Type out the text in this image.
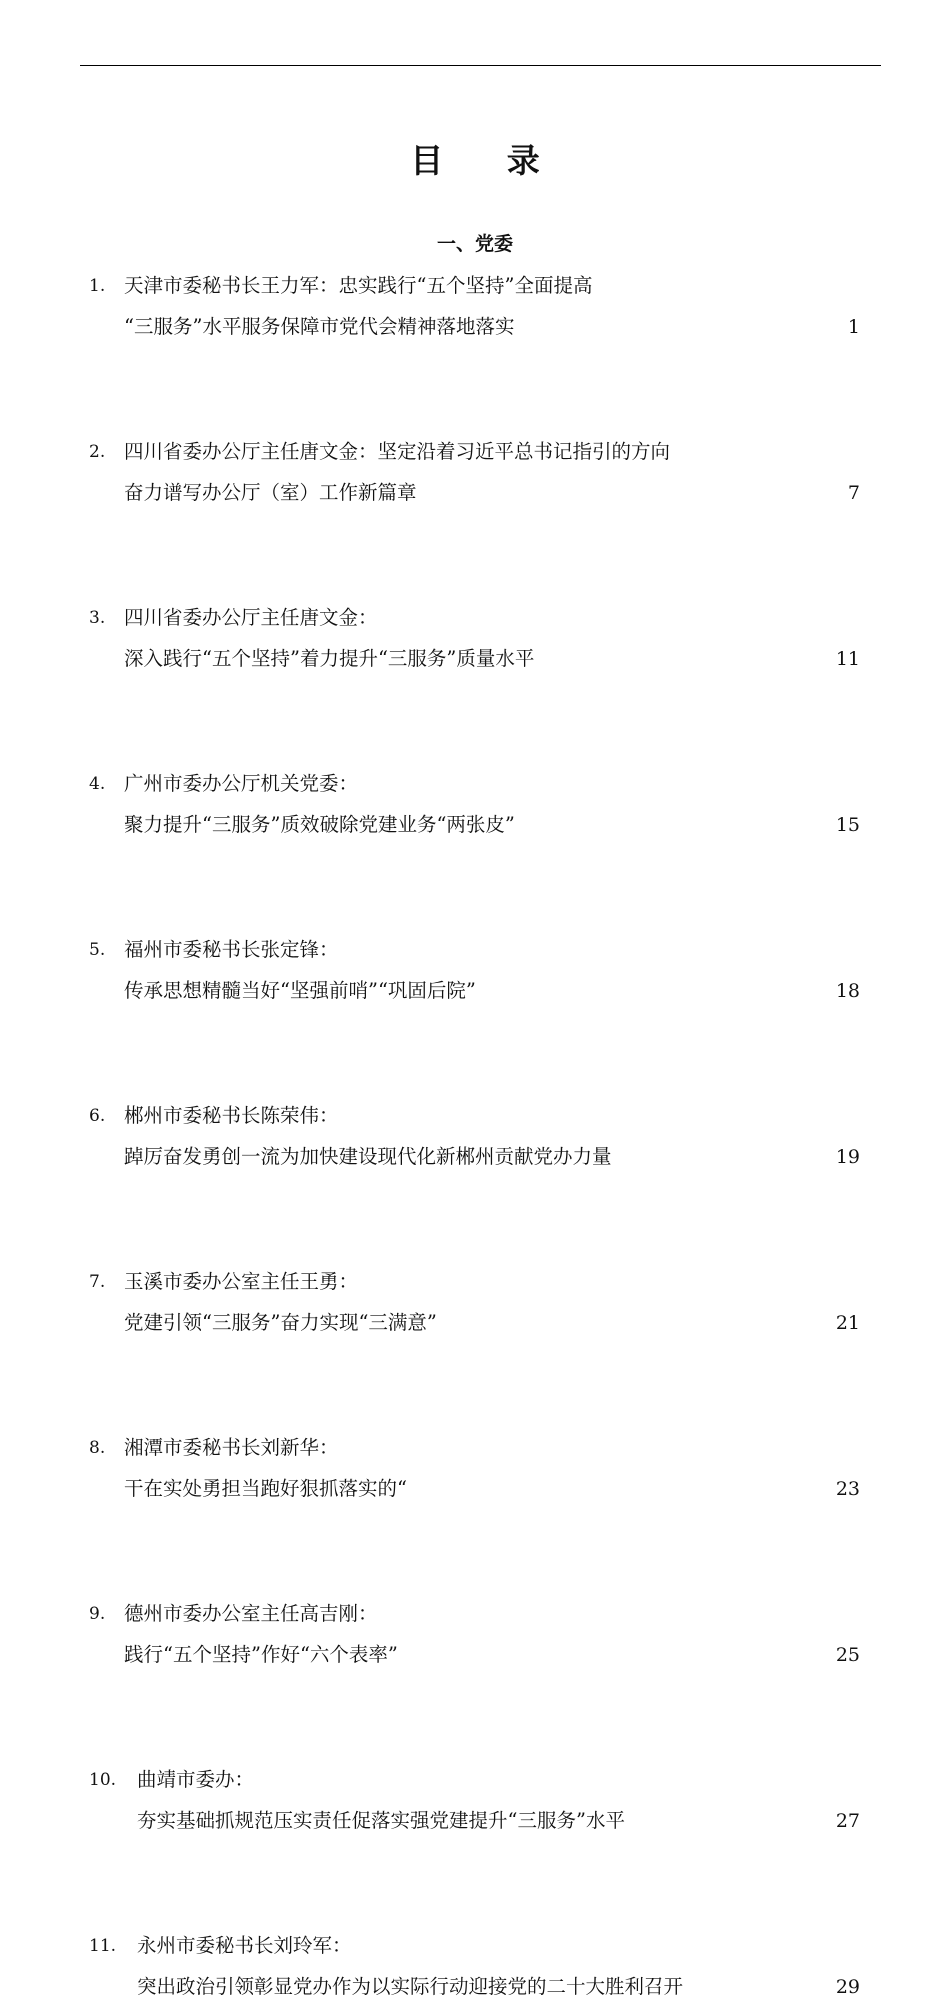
目 录
一、党委
1. 天津市委秘书长王力军：忠实践行“五个坚持”全面提高
“三服务”水平服务保障市党代会精神落地落实	1
2. 四川省委办公厅主任唐文金：坚定沿着习近平总书记指引的方向
奋力谱写办公厅（室）工作新篇章	7
3. 四川省委办公厅主任唐文金：
深入践行“五个坚持”着力提升“三服务”质量水平	11
4. 广州市委办公厅机关党委：
聚力提升“三服务”质效破除党建业务“两张皮”	15
5. 福州市委秘书长张定锋：
传承思想精髓当好“坚强前哨”“巩固后院”	18
6. 郴州市委秘书长陈荣伟：
踔厉奋发勇创一流为加快建设现代化新郴州贡献党办力量	19
7. 玉溪市委办公室主任王勇：
党建引领“三服务”奋力实现“三满意”	21
8. 湘潭市委秘书长刘新华：
干在实处勇担当跑好狠抓落实的“	23
9. 德州市委办公室主任高吉刚：
践行“五个坚持”作好“六个表率”	25
10. 曲靖市委办：
夯实基础抓规范压实责任促落实强党建提升“三服务”水平	27
11. 永州市委秘书长刘玲军：
突出政治引领彰显党办作为以实际行动迎接党的二十大胜利召开	29
